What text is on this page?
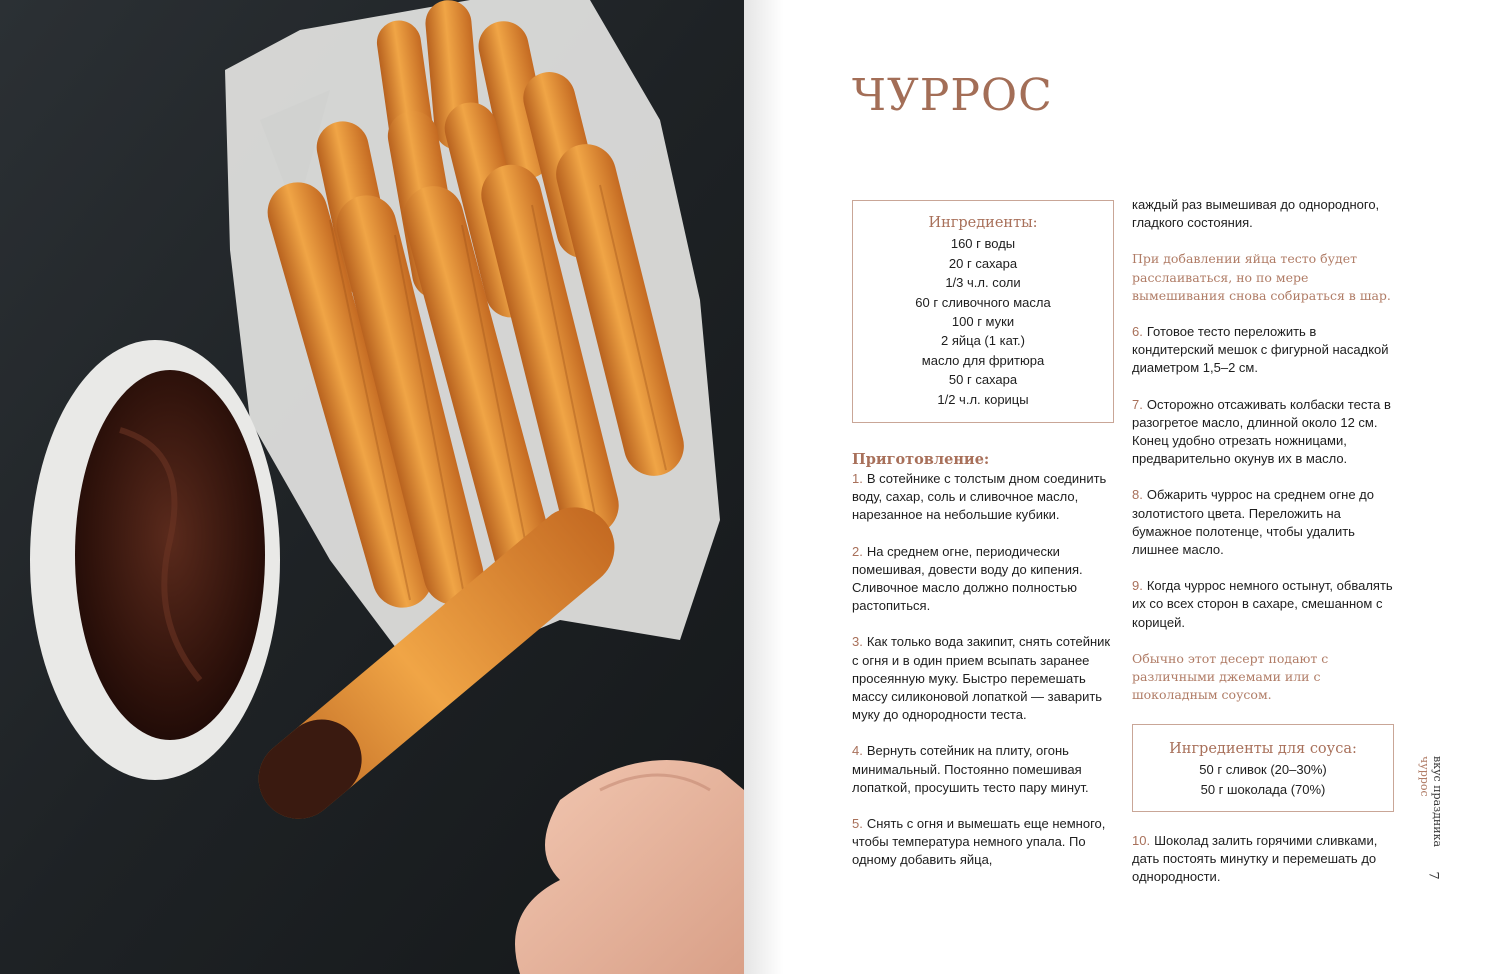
ЧУРРОС
Ингредиенты:
160 г воды
20 г сахара
1/3 ч.л. соли
60 г сливочного масла
100 г муки
2 яйца (1 кат.)
масло для фритюра
50 г сахара
1/2 ч.л. корицы
Приготовление:

1. В сотейнике с толстым дном соединить воду, сахар, соль и сливочное масло, нарезанное на небольшие кубики.

2. На среднем огне, периодически помешивая, довести воду до кипения. Сливочное масло должно полностью растопиться.

3. Как только вода закипит, снять сотейник с огня и в один прием всыпать заранее просеянную муку. Быстро перемешать массу силиконовой лопаткой — заварить муку до однородности теста.

4. Вернуть сотейник на плиту, огонь минимальный. Постоянно помешивая лопаткой, просушить тесто пару минут.

5. Снять с огня и вымешать еще немного, чтобы температура немного упала. По одному добавить яйца,

каждый раз вымешивая до однородного, гладкого состояния.

При добавлении яйца тесто будет расслаиваться, но по мере вымешивания снова собираться в шар.

6. Готовое тесто переложить в кондитерский мешок с фигурной насадкой диаметром 1,5–2 см.

7. Осторожно отсаживать колбаски теста в разогретое масло, длинной около 12 см. Конец удобно отрезать ножницами, предварительно окунув их в масло.

8. Обжарить чуррос на среднем огне до золотистого цвета. Переложить на бумажное полотенце, чтобы удалить лишнее масло.

9. Когда чуррос немного остынут, обвалять их со всех сторон в сахаре, смешанном с корицей.

Обычно этот десерт подают с различными джемами или с шоколадным соусом.

Ингредиенты для соуса:
50 г сливок (20–30%)
50 г шоколада (70%)

10. Шоколад залить горячими сливками, дать постоять минутку и перемешать до однородности.

вкус праздника
чуррос
7
